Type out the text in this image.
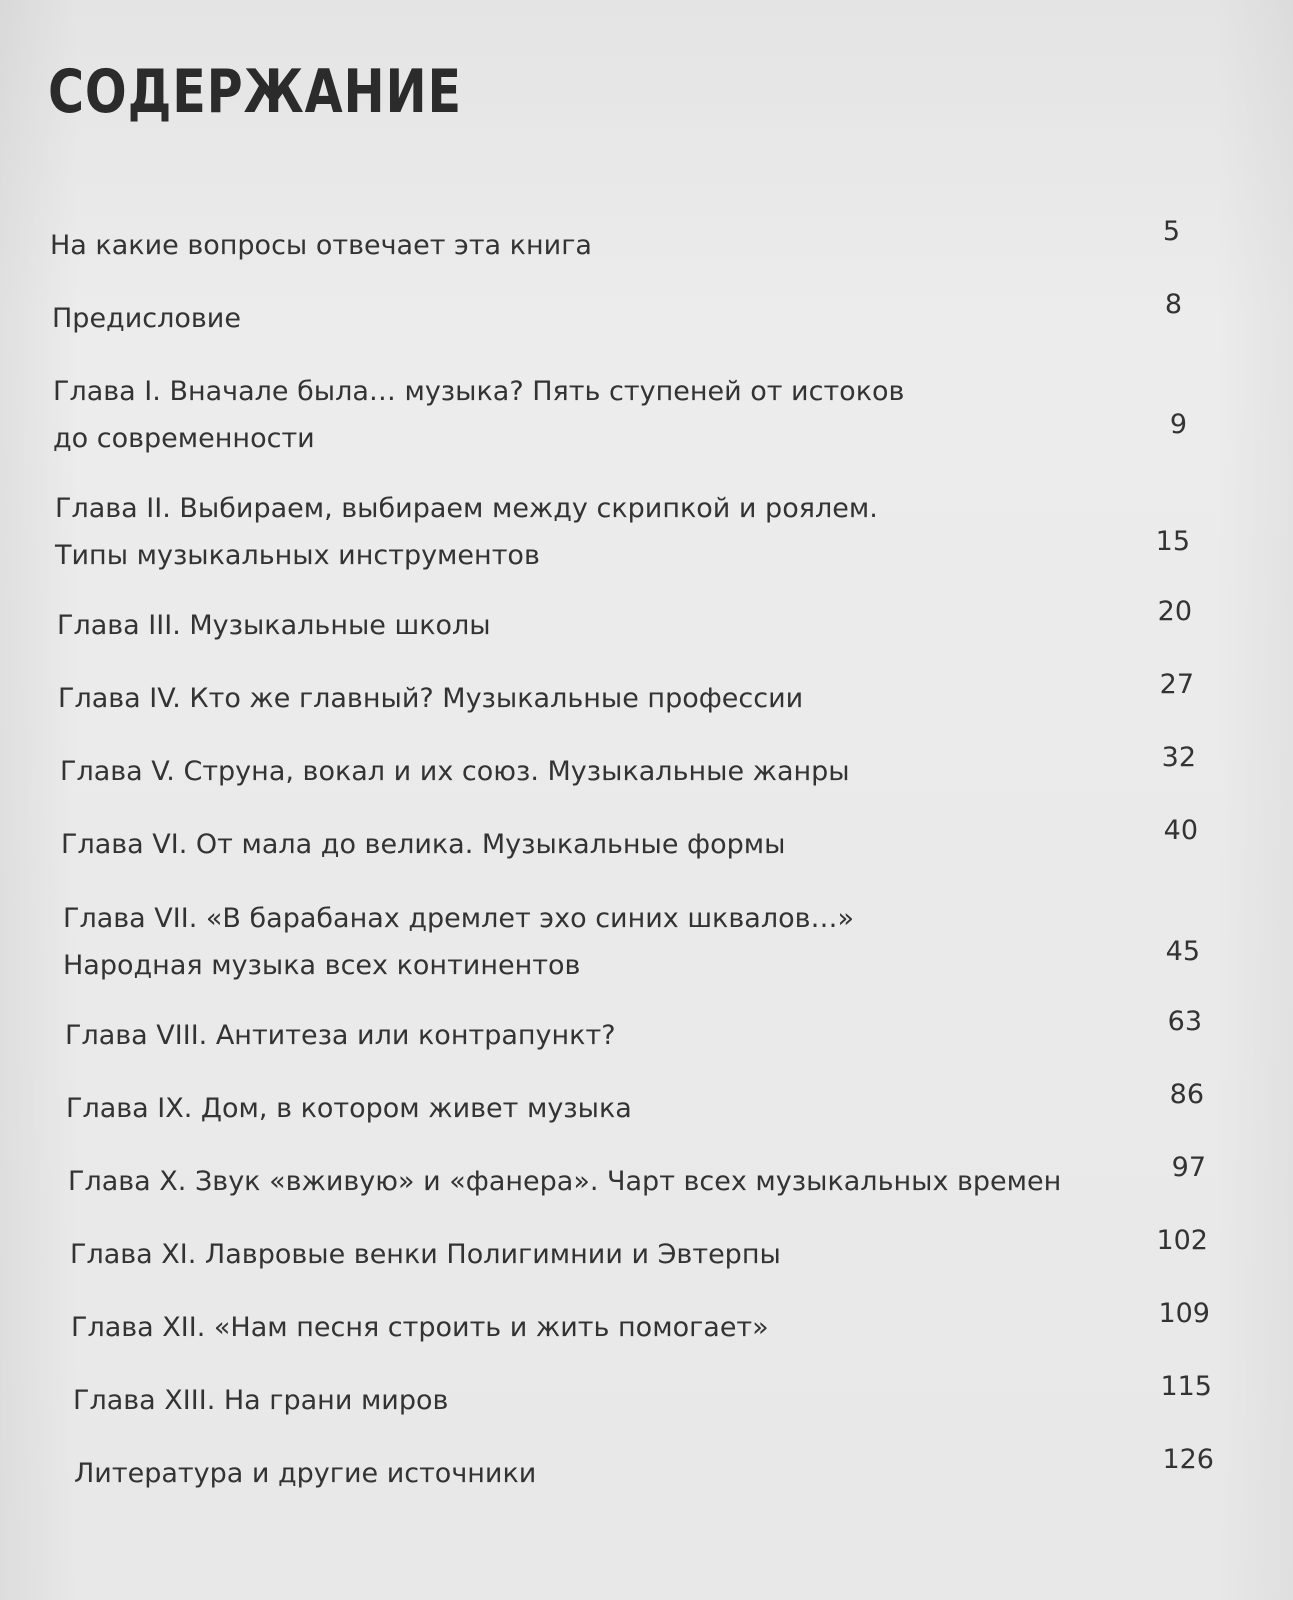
СОДЕРЖАНИЕ
На какие вопросы отвечает эта книга . . .	5
Предисловие . . .	8
Глава I. Вначале была… музыка? Пять ступеней от истоков
до современности . . .	9
Глава II. Выбираем, выбираем между скрипкой и роялем.
Типы музыкальных инструментов . . .	15
Глава III. Музыкальные школы . . .	20
Глава IV. Кто же главный? Музыкальные профессии . . .	27
Глава V. Струна, вокал и их союз. Музыкальные жанры . . .	32
Глава VI. От мала до велика. Музыкальные формы . . .	40
Глава VII. «В барабанах дремлет эхо синих шквалов…»
Народная музыка всех континентов . . .	45
Глава VIII. Антитеза или контрапункт? . . .	63
Глава IX. Дом, в котором живет музыка . . .	86
Глава X. Звук «вживую» и «фанера». Чарт всех музыкальных времен . . .	97
Глава XI. Лавровые венки Полигимнии и Эвтерпы . . .	102
Глава XII. «Нам песня строить и жить помогает» . . .	109
Глава XIII. На грани миров . . .	115
Литература и другие источники . . .	126
